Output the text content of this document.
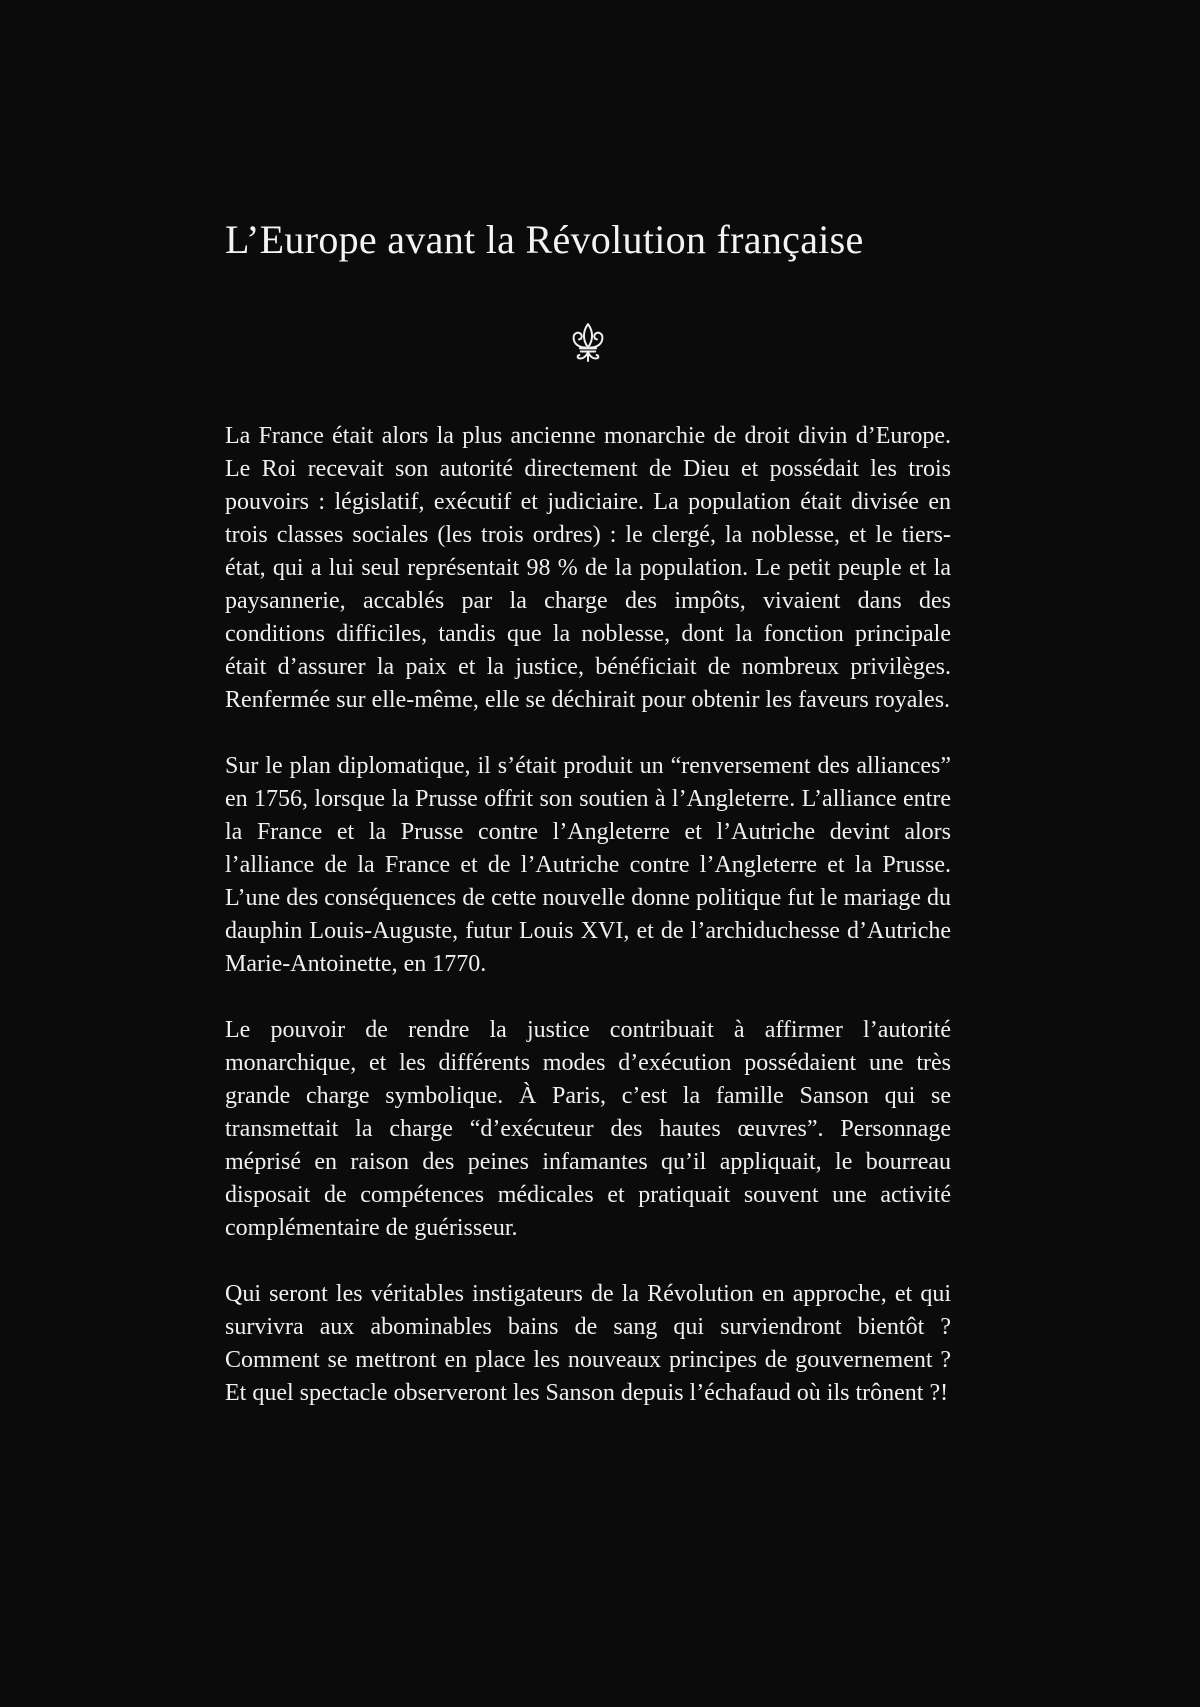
L’Europe avant la Révolution française

La France était alors la plus ancienne monarchie de droit divin d’Europe. Le Roi recevait son autorité directement de Dieu et possédait les trois pouvoirs : législatif, exécutif et judiciaire. La population était divisée en trois classes sociales (les trois ordres) : le clergé, la noblesse, et le tiers-état, qui a lui seul représentait 98 % de la population. Le petit peuple et la paysannerie, accablés par la charge des impôts, vivaient dans des conditions difficiles, tandis que la noblesse, dont la fonction principale était d’assurer la paix et la justice, bénéficiait de nombreux privilèges. Renfermée sur elle-même, elle se déchirait pour obtenir les faveurs royales.

Sur le plan diplomatique, il s’était produit un “renversement des alliances” en 1756, lorsque la Prusse offrit son soutien à l’Angleterre. L’alliance entre la France et la Prusse contre l’Angleterre et l’Autriche devint alors l’alliance de la France et de l’Autriche contre l’Angleterre et la Prusse. L’une des conséquences de cette nouvelle donne politique fut le mariage du dauphin Louis-Auguste, futur Louis XVI, et de l’archiduchesse d’Autriche Marie-Antoinette, en 1770.

Le pouvoir de rendre la justice contribuait à affirmer l’autorité monarchique, et les différents modes d’exécution possédaient une très grande charge symbolique. À Paris, c’est la famille Sanson qui se transmettait la charge “d’exécuteur des hautes œuvres”. Personnage méprisé en raison des peines infamantes qu’il appliquait, le bourreau disposait de compétences médicales et pratiquait souvent une activité complémentaire de guérisseur.

Qui seront les véritables instigateurs de la Révolution en approche, et qui survivra aux abominables bains de sang qui surviendront bientôt ? Comment se mettront en place les nouveaux principes de gouvernement ? Et quel spectacle observeront les Sanson depuis l’échafaud où ils trônent ?!
